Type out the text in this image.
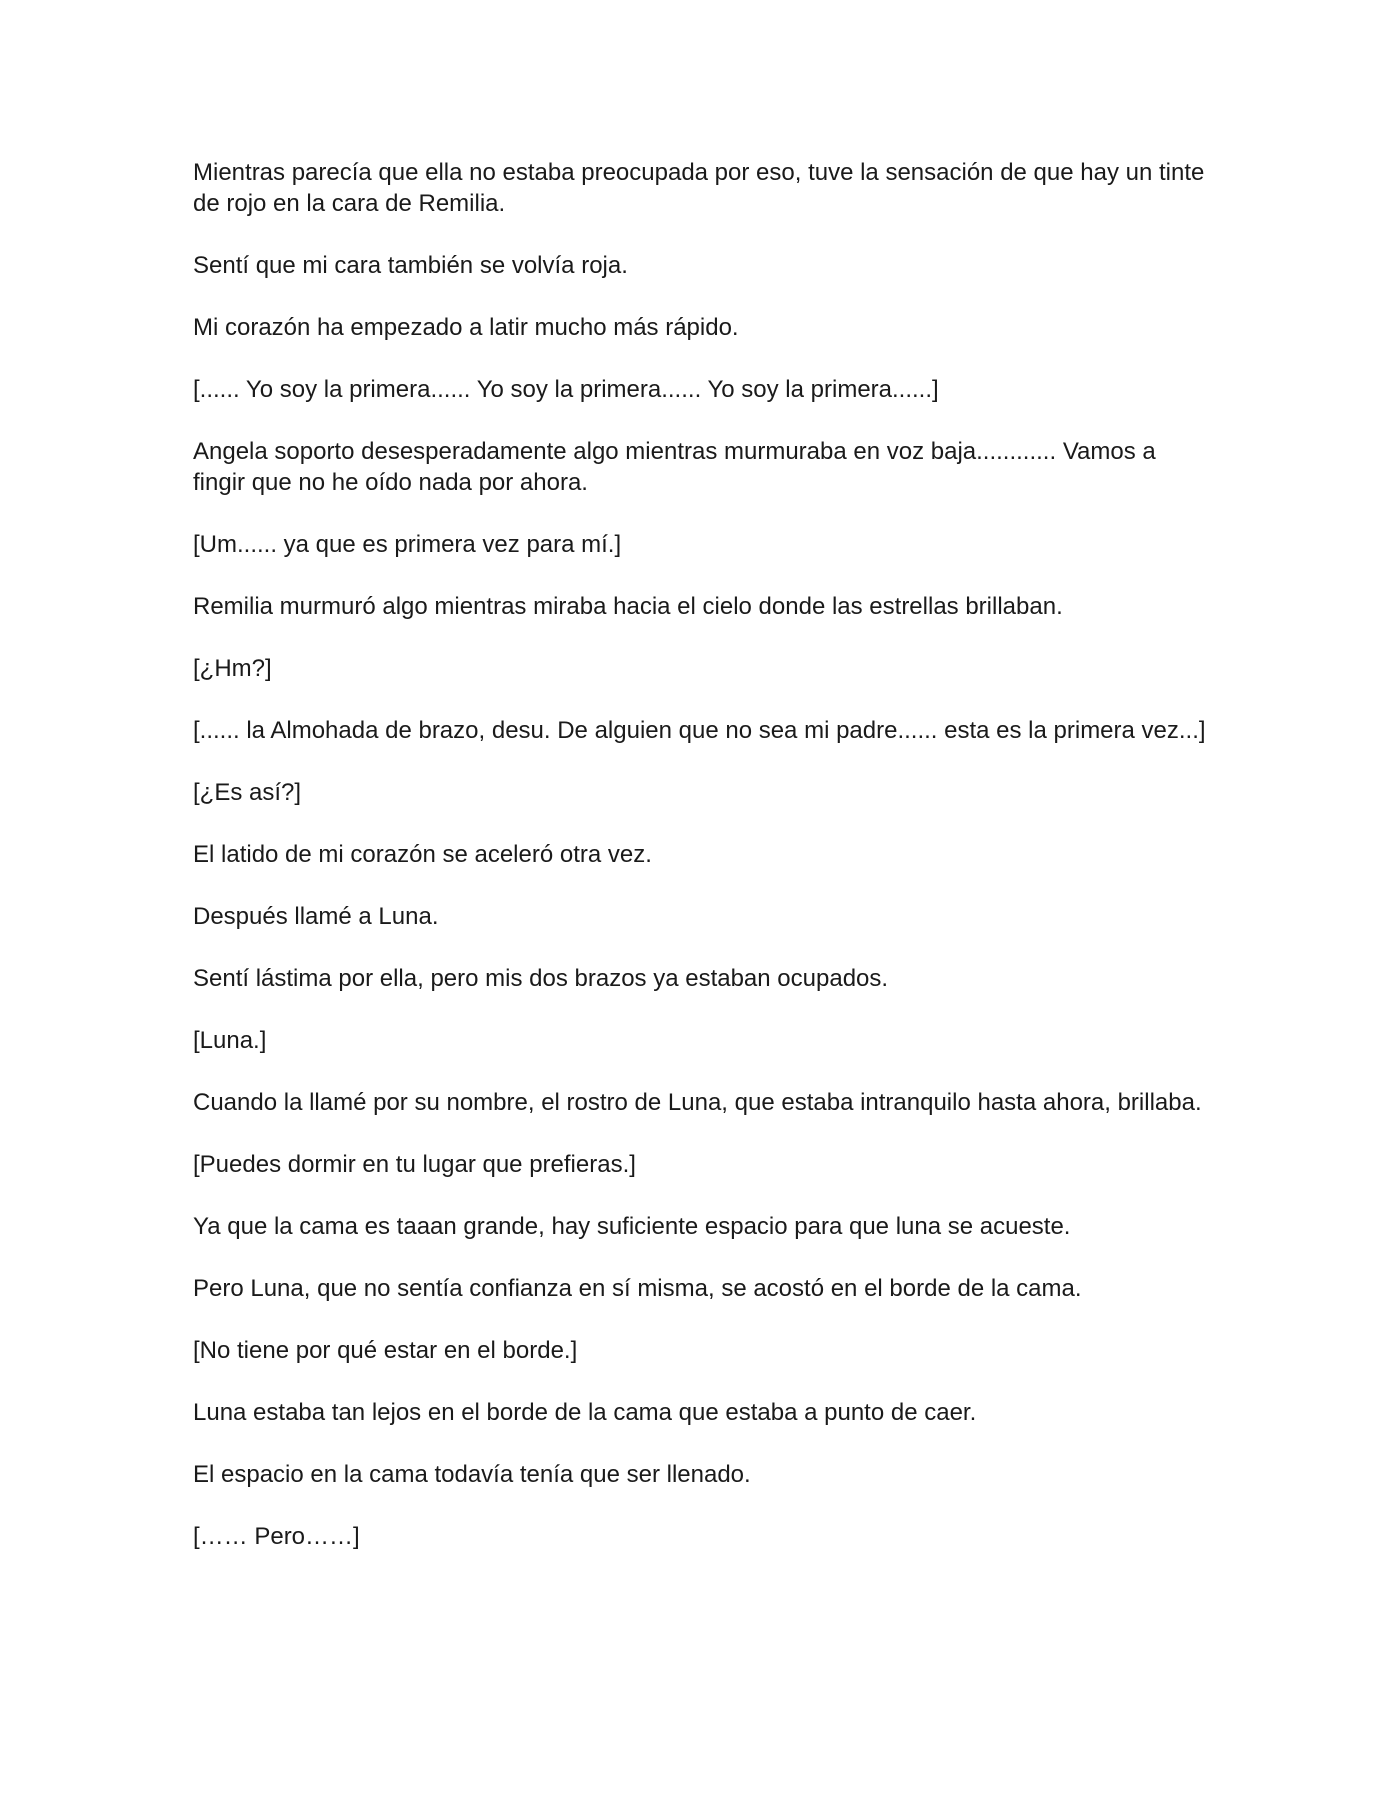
Mientras parecía que ella no estaba preocupada por eso, tuve la sensación de que hay un tinte de rojo en la cara de Remilia.

Sentí que mi cara también se volvía roja.

Mi corazón ha empezado a latir mucho más rápido.

[...... Yo soy la primera...... Yo soy la primera...... Yo soy la primera......]

Angela soporto desesperadamente algo mientras murmuraba en voz baja............ Vamos a fingir que no he oído nada por ahora.

[Um...... ya que es primera vez para mí.]

Remilia murmuró algo mientras miraba hacia el cielo donde las estrellas brillaban.

[¿Hm?]

[...... la Almohada de brazo, desu. De alguien que no sea mi padre...... esta es la primera vez...]

[¿Es así?]

El latido de mi corazón se aceleró otra vez.

Después llamé a Luna.

Sentí lástima por ella, pero mis dos brazos ya estaban ocupados.

[Luna.]

Cuando la llamé por su nombre, el rostro de Luna, que estaba intranquilo hasta ahora, brillaba.

[Puedes dormir en tu lugar que prefieras.]

Ya que la cama es taaan grande, hay suficiente espacio para que luna se acueste.

Pero Luna, que no sentía confianza en sí misma, se acostó en el borde de la cama.

[No tiene por qué estar en el borde.]

Luna estaba tan lejos en el borde de la cama que estaba a punto de caer.

El espacio en la cama todavía tenía que ser llenado.

[…… Pero……]
